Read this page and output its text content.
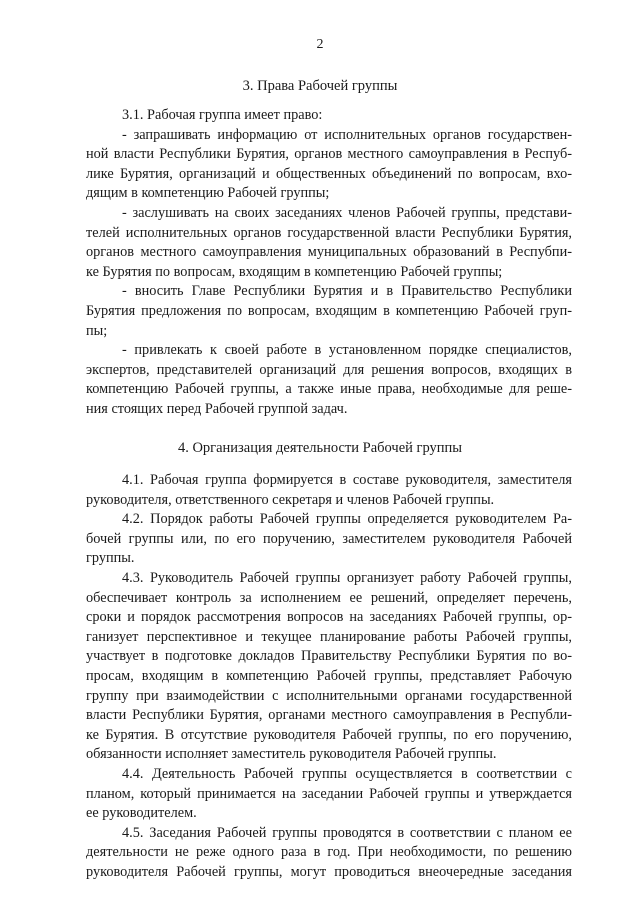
2
3. Права Рабочей группы

3.1. Рабочая группа имеет право:

- запрашивать информацию от исполнительных органов государствен-
ной власти Республики Бурятия, органов местного самоуправления в Респуб-
лике Бурятия, организаций и общественных объединений по вопросам, вхо-
дящим в компетенцию Рабочей группы;

- заслушивать на своих заседаниях членов Рабочей группы, представи-
телей исполнительных органов государственной власти Республики Бурятия,
органов местного самоуправления муниципальных образований в Респубпи-
ке Бурятия по вопросам, входящим в компетенцию Рабочей группы;

- вносить Главе Республики Бурятия и в Правительство Республики
Бурятия предложения по вопросам, входящим в компетенцию Рабочей груп-
пы;

- привлекать к своей работе в установленном порядке специалистов,
экспертов, представителей организаций для решения вопросов, входящих в
компетенцию Рабочей группы, а также иные права, необходимые для реше-
ния стоящих перед Рабочей группой задач.

4. Организация деятельности Рабочей группы

4.1. Рабочая группа формируется в составе руководителя, заместителя
руководителя, ответственного секретаря и членов Рабочей группы.

4.2. Порядок работы Рабочей группы определяется руководителем Ра-
бочей группы или, по его поручению, заместителем руководителя Рабочей
группы.

4.3. Руководитель Рабочей группы организует работу Рабочей группы,
обеспечивает контроль за исполнением ее решений, определяет перечень,
сроки и порядок рассмотрения вопросов на заседаниях Рабочей группы, ор-
ганизует перспективное и текущее планирование работы Рабочей группы,
участвует в подготовке докладов Правительству Республики Бурятия по во-
просам, входящим в компетенцию Рабочей группы, представляет Рабочую
группу при взаимодействии с исполнительными органами государственной
власти Республики Бурятия, органами местного самоуправления в Республи-
ке Бурятия. В отсутствие руководителя Рабочей группы, по его поручению,
обязанности исполняет заместитель руководителя Рабочей группы.

4.4. Деятельность Рабочей группы осуществляется в соответствии с
планом, который принимается на заседании Рабочей группы и утверждается
ее руководителем.

4.5. Заседания Рабочей группы проводятся в соответствии с планом ее
деятельности не реже одного раза в год. При необходимости, по решению
руководителя Рабочей группы, могут проводиться внеочередные заседания
